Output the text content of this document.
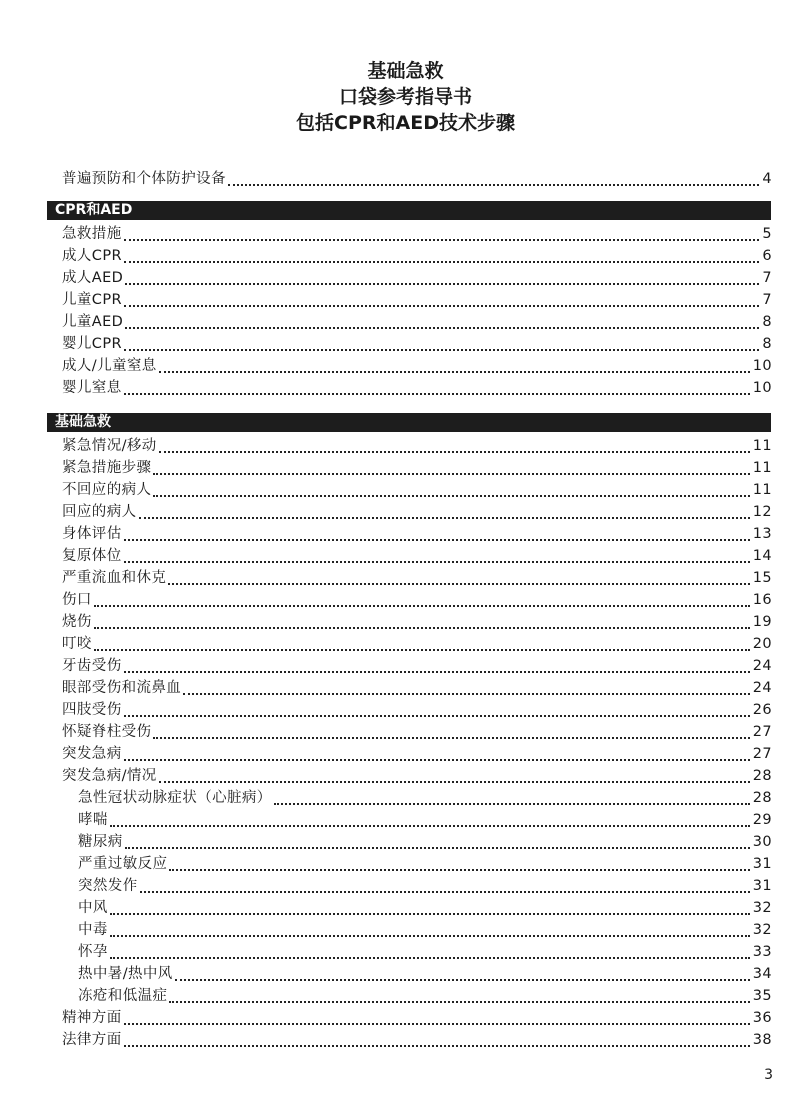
基础急救
口袋参考指导书
包括CPR和AED技术步骤
普遍预防和个体防护设备	4
CPR和AED
急救措施	5
成人CPR	6
成人AED	7
儿童CPR	7
儿童AED	8
婴儿CPR	8
成人/儿童窒息	10
婴儿窒息	10
基础急救
紧急情况/移动	11
紧急措施步骤	11
不回应的病人	11
回应的病人	12
身体评估	13
复原体位	14
严重流血和休克	15
伤口	16
烧伤	19
叮咬	20
牙齿受伤	24
眼部受伤和流鼻血	24
四肢受伤	26
怀疑脊柱受伤	27
突发急病	27
突发急病/情况	28
急性冠状动脉症状（心脏病）	28
哮喘	29
糖尿病	30
严重过敏反应	31
突然发作	31
中风	32
中毒	32
怀孕	33
热中暑/热中风	34
冻疮和低温症	35
精神方面	36
法律方面	38
3
